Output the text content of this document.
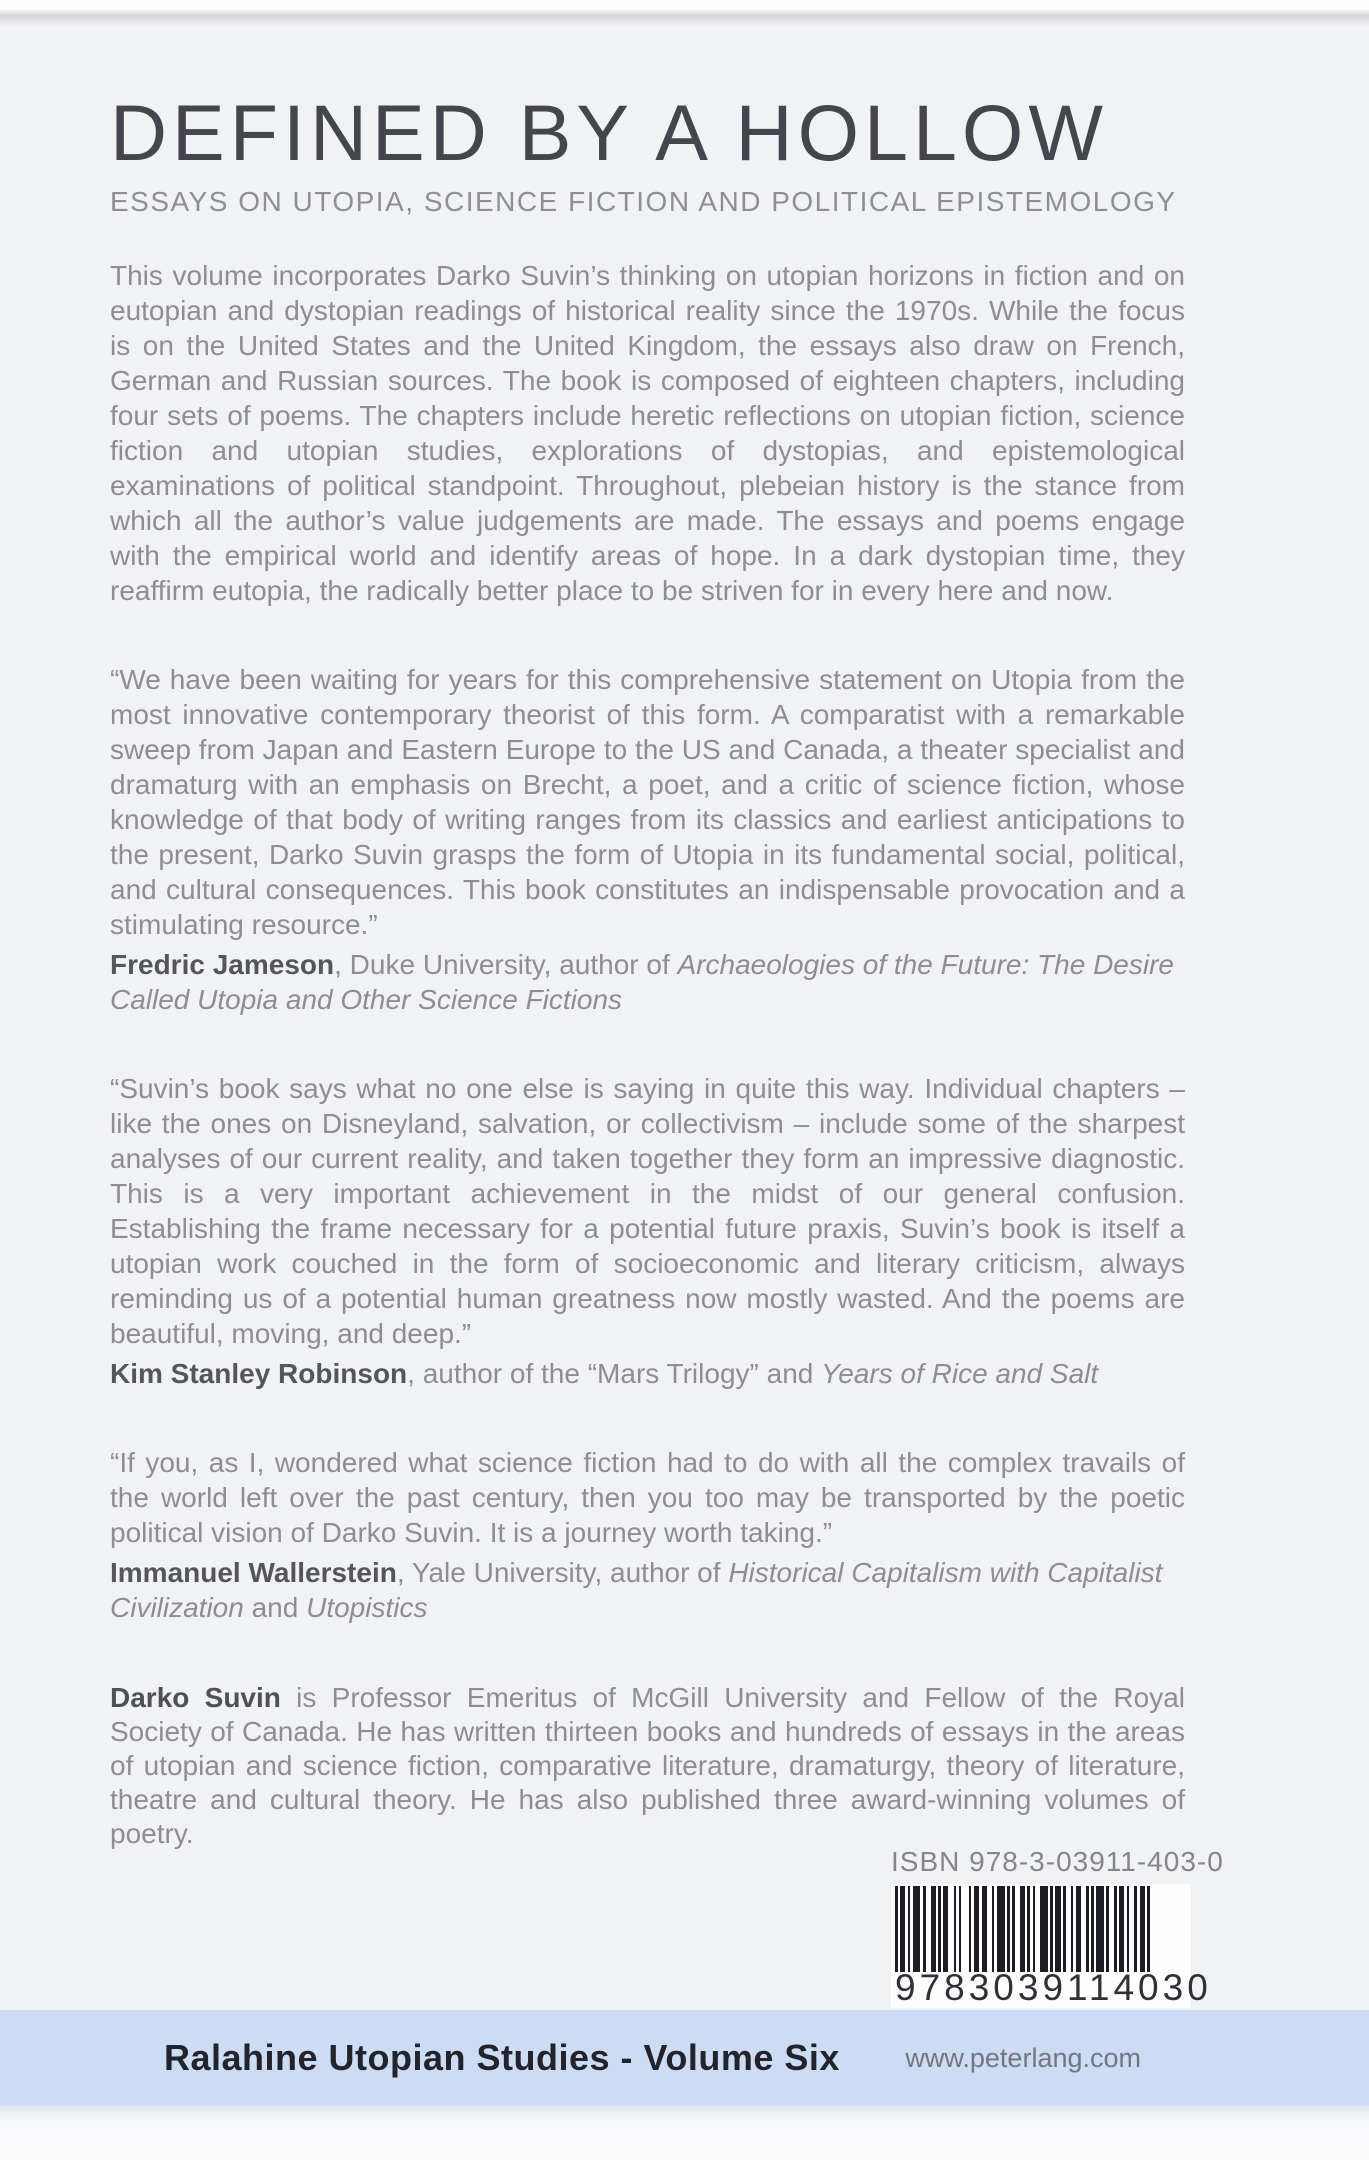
DEFINED BY A HOLLOW
ESSAYS ON UTOPIA, SCIENCE FICTION AND POLITICAL EPISTEMOLOGY
This volume incorporates Darko Suvin’s thinking on utopian horizons in fiction and on eutopian and dystopian readings of historical reality since the 1970s. While the focus is on the United States and the United Kingdom, the essays also draw on French, German and Russian sources. The book is composed of eighteen chapters, including four sets of poems. The chapters include heretic reflections on utopian fiction, science fiction and utopian studies, explorations of dystopias, and epistemological examinations of political standpoint. Throughout, plebeian history is the stance from which all the author’s value judgements are made. The essays and poems engage with the empirical world and identify areas of hope. In a dark dystopian time, they reaffirm eutopia, the radically better place to be striven for in every here and now.
“We have been waiting for years for this comprehensive statement on Utopia from the most innovative contemporary theorist of this form. A comparatist with a remarkable sweep from Japan and Eastern Europe to the US and Canada, a theater specialist and dramaturg with an emphasis on Brecht, a poet, and a critic of science fiction, whose knowledge of that body of writing ranges from its classics and earliest anticipations to the present, Darko Suvin grasps the form of Utopia in its fundamental social, political, and cultural consequences. This book constitutes an indispensable provocation and a stimulating resource.”
Fredric Jameson, Duke University, author of Archaeologies of the Future: The Desire Called Utopia and Other Science Fictions
“Suvin’s book says what no one else is saying in quite this way. Individual chapters – like the ones on Disneyland, salvation, or collectivism – include some of the sharpest analyses of our current reality, and taken together they form an impressive diagnostic. This is a very important achievement in the midst of our general confusion. Establishing the frame necessary for a potential future praxis, Suvin’s book is itself a utopian work couched in the form of socioeconomic and literary criticism, always reminding us of a potential human greatness now mostly wasted. And the poems are beautiful, moving, and deep.”
Kim Stanley Robinson, author of the “Mars Trilogy” and Years of Rice and Salt
“If you, as I, wondered what science fiction had to do with all the complex travails of the world left over the past century, then you too may be transported by the poetic political vision of Darko Suvin. It is a journey worth taking.”
Immanuel Wallerstein, Yale University, author of Historical Capitalism with Capitalist Civilization and Utopistics
Darko Suvin is Professor Emeritus of McGill University and Fellow of the Royal Society of Canada. He has written thirteen books and hundreds of essays in the areas of utopian and science fiction, comparative literature, dramaturgy, theory of literature, theatre and cultural theory. He has also published three award-winning volumes of poetry.
ISBN 978-3-03911-403-0
9 783039 114030
Ralahine Utopian Studies - Volume Six www.peterlang.com
